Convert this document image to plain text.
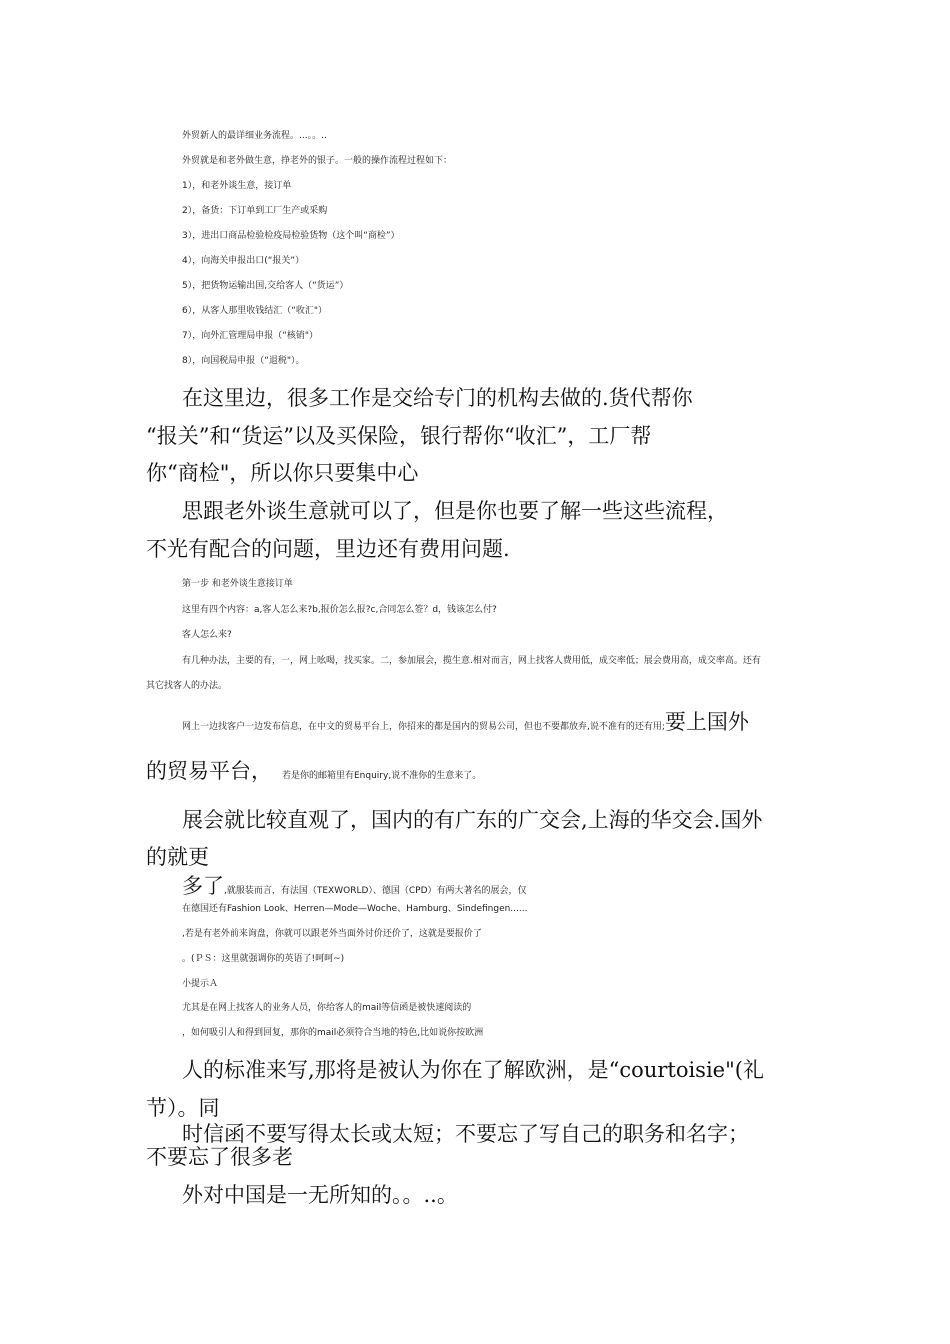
外贸新人的最详细业务流程。...。。..

外贸就是和老外做生意，挣老外的银子。一般的操作流程过程如下：

1），和老外谈生意，接订单

2），备货：下订单到工厂生产或采购

3），进出口商品检验检疫局检验货物（这个叫“商检”）

4），向海关申报出口(“报关”）

5），把货物运输出国,交给客人（“货运”）

6），从客人那里收钱结汇（“收汇"）

7），向外汇管理局申报（“核销"）

8），向国税局申报（“退税"）。

在这里边，很多工作是交给专门的机构去做的.货代帮你

“报关”和“货运”以及买保险，银行帮你“收汇”，工厂帮

你“商检"，所以你只要集中心

思跟老外谈生意就可以了，但是你也要了解一些这些流程，

不光有配合的问题，里边还有费用问题.

第一步 和老外谈生意接订单

这里有四个内容：a,客人怎么来?b,报价怎么报?c,合同怎么签？d，钱该怎么付?

客人怎么来?

有几种办法，主要的有，一，网上吆喝，找买家。二，参加展会，揽生意.相对而言，网上找客人费用低，成交率低；展会费用高，成交率高。还有

其它找客人的办法。

网上一边找客户一边发布信息，在中文的贸易平台上，你招来的都是国内的贸易公司，但也不要都放弃,说不准有的还有用;要上国外
的贸易平台， 若是你的邮箱里有Enquiry,说不准你的生意来了。

展会就比较直观了，国内的有广东的广交会,上海的华交会.国外

的就更

多了,就服装而言，有法国（TEXWORLD）、德国（CPD）有两大著名的展会，仅

在德国还有Fashion Look、Herren—Mode—Woche、Hamburg、Sindefingen......

,若是有老外前来询盘，你就可以跟老外当面外讨价还价了，这就是要报价了

。(ＰＳ：这里就强调你的英语了!呵呵~)

小提示Ａ

尤其是在网上找客人的业务人员，你给客人的mail等信函是被快速阅读的

，如何吸引人和得到回复，那你的mail必须符合当地的特色,比如说你按欧洲

人的标准来写,那将是被认为你在了解欧洲，是“courtoisie"(礼

节）。同

时信函不要写得太长或太短；不要忘了写自己的职务和名字；

不要忘了很多老

外对中国是一无所知的。。..。
